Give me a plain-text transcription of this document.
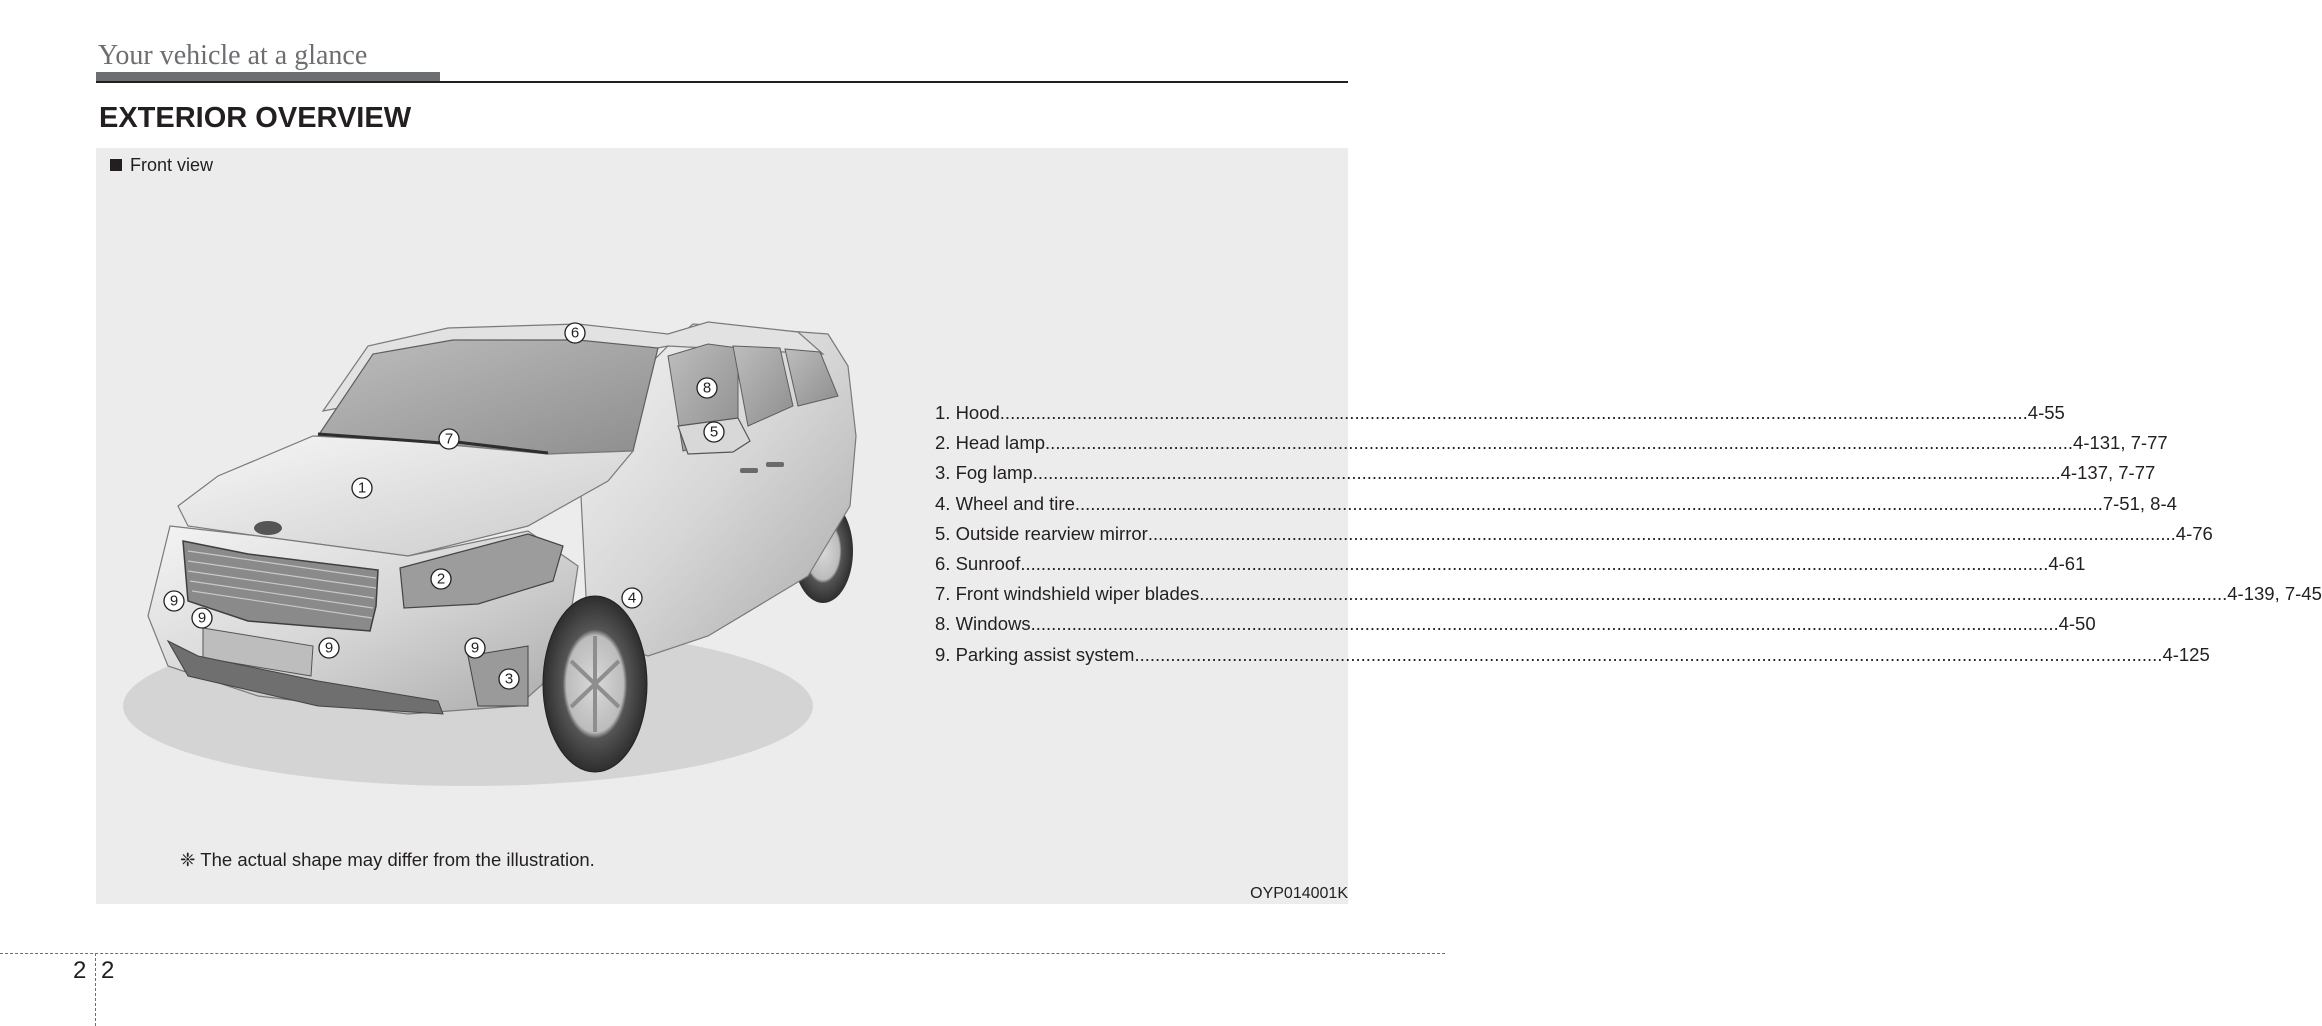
Your vehicle at a glance
EXTERIOR OVERVIEW
Front view
1
2
3
4
5
6
7
8
9
9
9	9
1. Hood ........................................................................................................................................................................................................ 4-55
2. Head lamp ........................................................................................................................................................................................................ 4-131, 7-77
3. Fog lamp ........................................................................................................................................................................................................ 4-137, 7-77
4. Wheel and tire ........................................................................................................................................................................................................ 7-51, 8-4
5. Outside rearview mirror ........................................................................................................................................................................................................ 4-76
6. Sunroof ........................................................................................................................................................................................................ 4-61
7. Front windshield wiper blades ........................................................................................................................................................................................................ 4-139, 7-45
8. Windows ........................................................................................................................................................................................................ 4-50
9. Parking assist system ........................................................................................................................................................................................................ 4-125
❈ The actual shape may differ from the illustration.
OYP014001K
2 2
